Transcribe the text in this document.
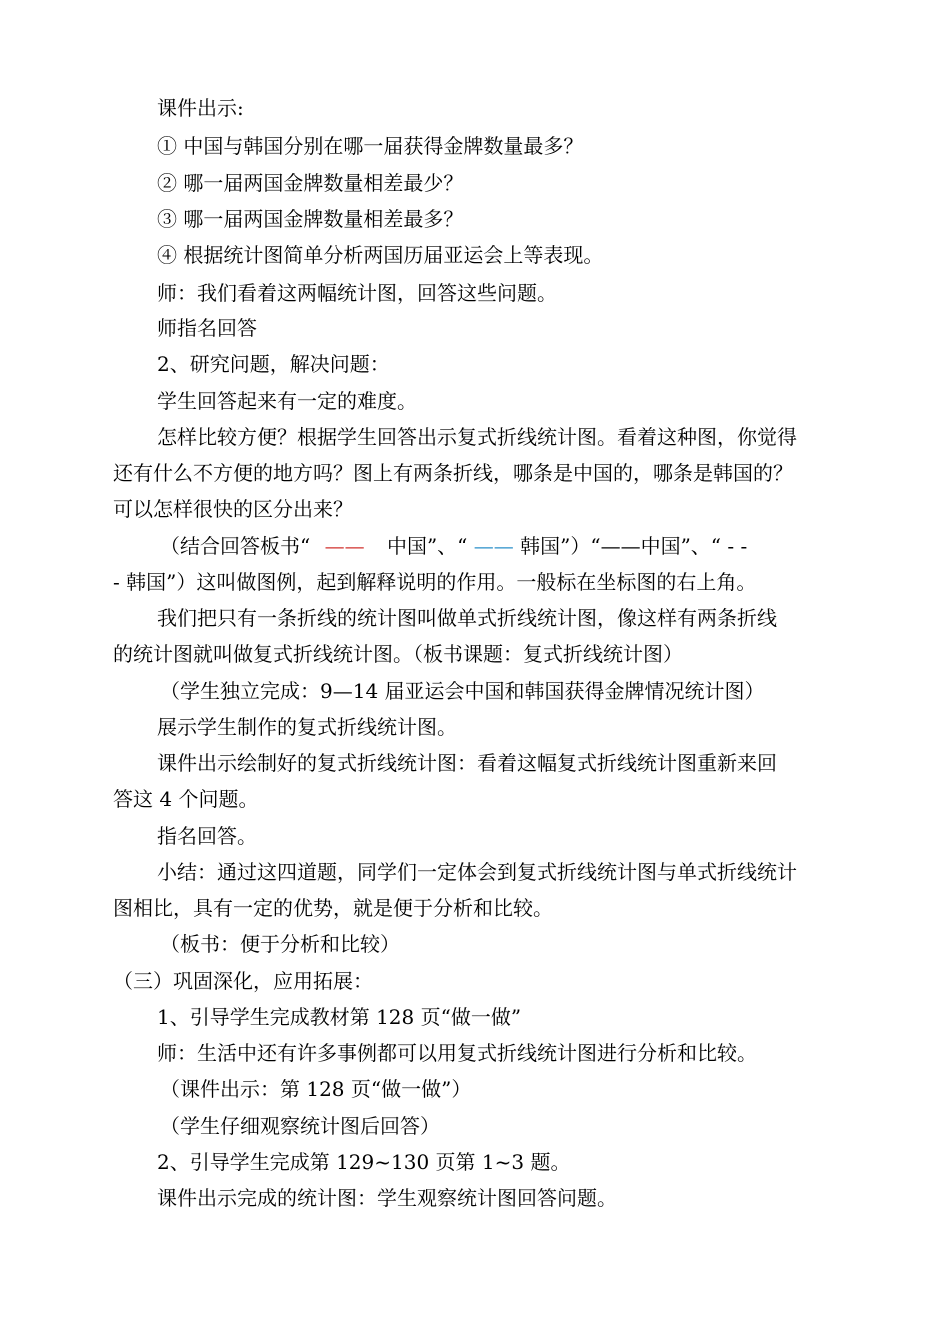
课件出示:
① 中国与韩国分别在哪一届获得金牌数量最多？
② 哪一届两国金牌数量相差最少？
③ 哪一届两国金牌数量相差最多？
④ 根据统计图简单分析两国历届亚运会上等表现。
师：我们看着这两幅统计图，回答这些问题。
师指名回答
2、研究问题，解决问题：
学生回答起来有一定的难度。
怎样比较方便？根据学生回答出示复式折线统计图。看着这种图，你觉得
还有什么不方便的地方吗？图上有两条折线，哪条是中国的，哪条是韩国的？
可以怎样很快的区分出来？
（结合回答板书“ —— 中国”、“ —— 韩国”）“——中国”、“ - -
- 韩国”）这叫做图例，起到解释说明的作用。一般标在坐标图的右上角。
我们把只有一条折线的统计图叫做单式折线统计图，像这样有两条折线
的统计图就叫做复式折线统计图。（板书课题：复式折线统计图）
（学生独立完成：9—14 届亚运会中国和韩国获得金牌情况统计图）
展示学生制作的复式折线统计图。
课件出示绘制好的复式折线统计图：看着这幅复式折线统计图重新来回
答这 4 个问题。
指名回答。
小结：通过这四道题，同学们一定体会到复式折线统计图与单式折线统计
图相比，具有一定的优势，就是便于分析和比较。
（板书：便于分析和比较）
（三）巩固深化，应用拓展：
1、引导学生完成教材第 128 页“做一做”
师：生活中还有许多事例都可以用复式折线统计图进行分析和比较。
（课件出示：第 128 页“做一做”）
（学生仔细观察统计图后回答）
2、引导学生完成第 129~130 页第 1~3 题。
课件出示完成的统计图：学生观察统计图回答问题。
